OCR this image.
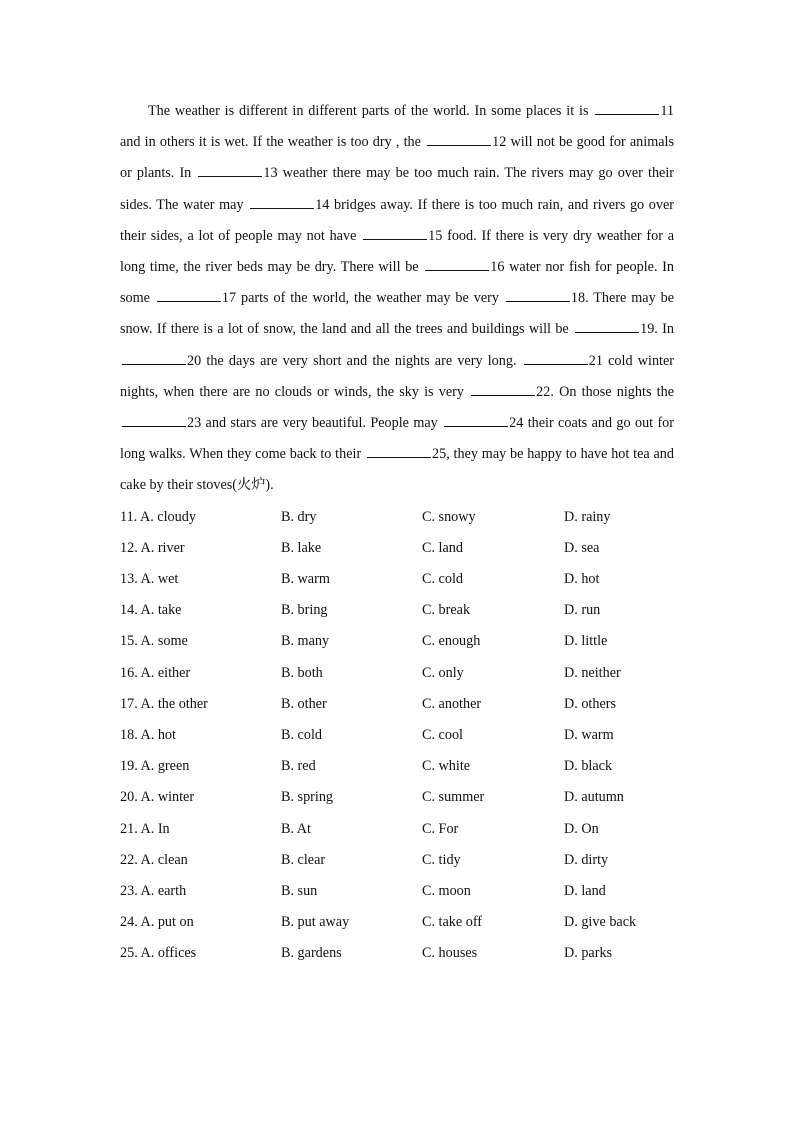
The weather is different in different parts of the world. In some places it is	11 and in others it is wet. If the weather is too dry , the	12 will not be good for animals or plants. In	13 weather there may be too much rain. The rivers may go over their sides. The water may	14 bridges away. If there is too much rain, and rivers go over their sides, a lot of people may not have	15 food. If there is very dry weather for a long time, the river beds may be dry. There will be	16 water nor fish for people. In some	17 parts of the world, the weather may be very	18. There may be snow. If there is a lot of snow, the land and all the trees and buildings will be	19. In 20 the days are very short and the nights are very long.	21 cold winter nights, when there are no clouds or winds, the sky is very	22. On those nights the 23 and stars are very beautiful. People may	24 their coats and go out for long walks. When they come back to their	25, they may be happy to have hot tea and cake by their stoves(火炉).

11. A. cloudy	B. dry	C. snowy	D. rainy
12. A. river	B. lake	C. land	D. sea
13. A. wet	B. warm	C. cold	D. hot
14. A. take	B. bring	C. break	D. run
15. A. some	B. many	C. enough	D. little
16. A. either	B. both	C. only	D. neither
17. A. the other	B. other	C. another	D. others
18. A. hot	B. cold	C. cool	D. warm
19. A. green	B. red	C. white	D. black
20. A. winter	B. spring	C. summer	D. autumn
21. A. In	B. At	C. For	D. On
22. A. clean	B. clear	C. tidy	D. dirty
23. A. earth	B. sun	C. moon	D. land
24. A. put on	B. put away	C. take off	D. give back
25. A. offices	B. gardens	C. houses	D. parks
